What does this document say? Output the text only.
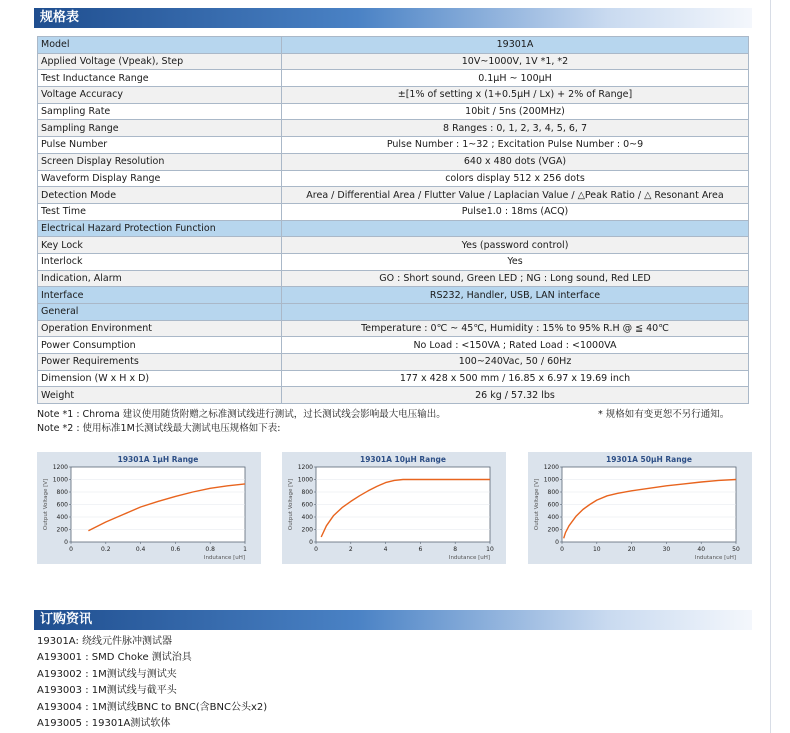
规格表
Model	19301A
Applied Voltage (Vpeak), Step	10V~1000V, 1V *1, *2
Test Inductance Range	0.1μH ~ 100μH
Voltage Accuracy	±[1% of setting x (1+0.5μH / Lx) + 2% of Range]
Sampling Rate	10bit / 5ns (200MHz)
Sampling Range	8 Ranges : 0, 1, 2, 3, 4, 5, 6, 7
Pulse Number	Pulse Number : 1~32 ; Excitation Pulse Number : 0~9
Screen Display Resolution	640 x 480 dots (VGA)
Waveform Display Range	colors display 512 x 256 dots
Detection Mode	Area / Differential Area / Flutter Value / Laplacian Value / △Peak Ratio / △ Resonant Area
Test Time	Pulse1.0 : 18ms (ACQ)
Electrical Hazard Protection Function	
Key Lock	Yes (password control)
Interlock	Yes
Indication, Alarm	GO : Short sound, Green LED ; NG : Long sound, Red LED
Interface	RS232, Handler, USB, LAN interface
General	
Operation Environment	Temperature : 0℃ ~ 45℃, Humidity : 15% to 95% R.H @ ≦ 40℃
Power Consumption	No Load : <150VA ; Rated Load : <1000VA
Power Requirements	100~240Vac, 50 / 60Hz
Dimension (W x H x D)	177 x 428 x 500 mm / 16.85 x 6.97 x 19.69 inch
Weight	26 kg / 57.32 lbs
Note *1 : Chroma 建议使用随货附赠之标准测试线进行测试，过长测试线会影响最大电压输出。
Note *2 : 使用标准1M长测试线最大测试电压规格如下表:
* 规格如有变更恕不另行通知。
19301A 1μH Range
0
200
400
600
800
1000
1200
0	0.2	0.4	0.6	0.8	1
Indutance [uH]
Output Voltage [V]
19301A 10μH Range
0
200
400
600
800
1000
1200
0	2	4	6	8	10
Indutance [uH]
Output Voltage [V]
19301A 50μH Range
0
200
400
600
800
1000
1200
0	10	20	30	40	50
Indutance [uH]
Output Voltage [V]
订购资讯
19301A: 绕线元件脉冲测试器
A193001 : SMD Choke 测试治具
A193002 : 1M测试线与测试夹
A193003 : 1M测试线与截平头
A193004 : 1M测试线BNC to BNC(含BNC公头x2)
A193005 : 19301A测试软体
